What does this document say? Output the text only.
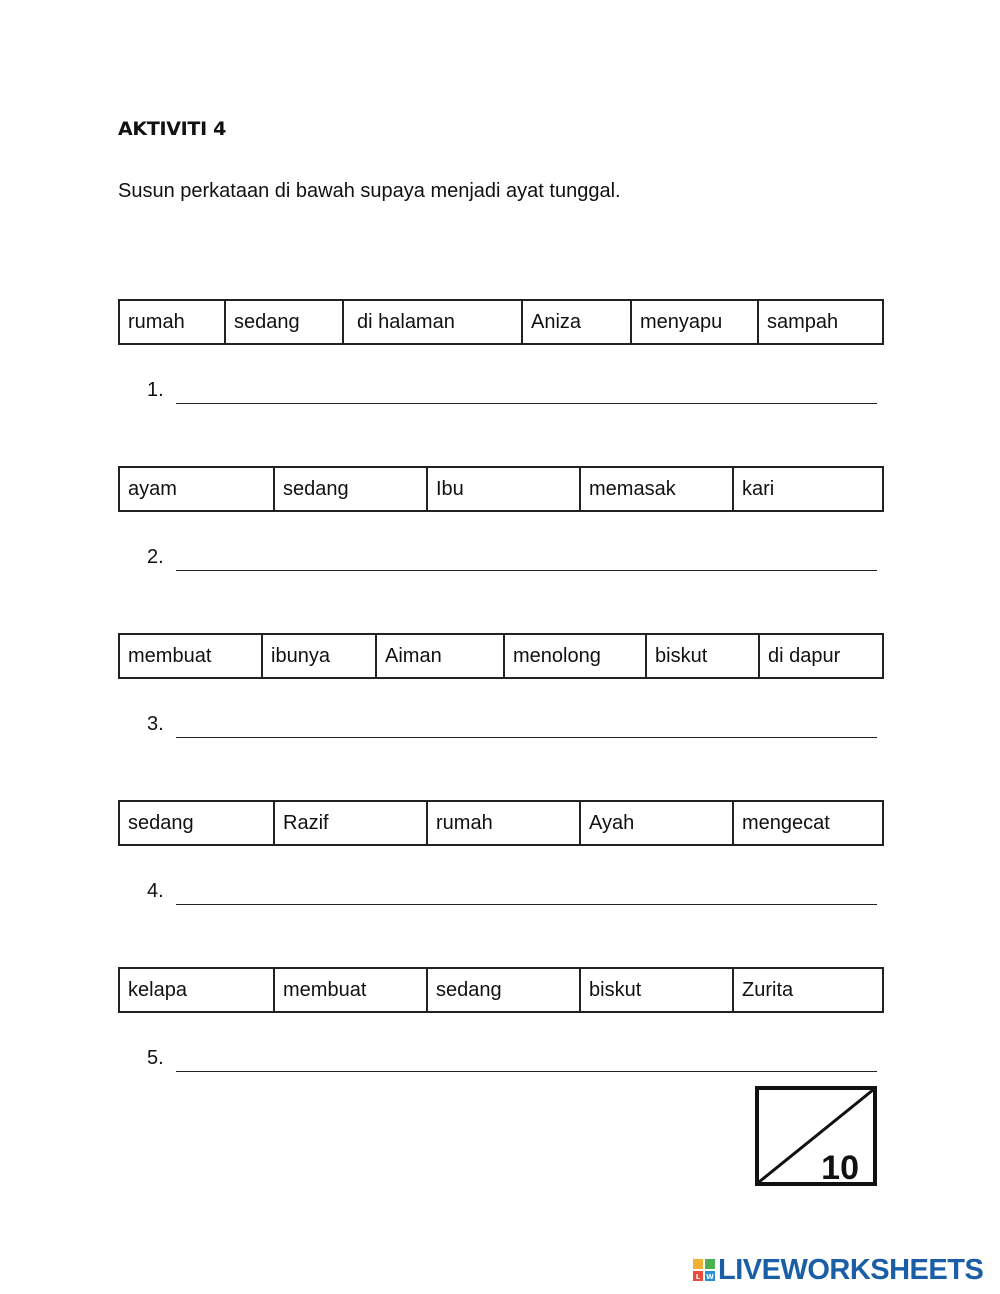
AKTIVITI 4
Susun perkataan di bawah supaya menjadi ayat tunggal.
rumah	sedang	di halaman	Aniza	menyapu	sampah
1.
ayam	sedang	Ibu	memasak	kari
2.
membuat	ibunya	Aiman	menolong	biskut	di dapur
3.
sedang	Razif	rumah	Ayah	mengecat
4.
kelapa	membuat	sedang	biskut	Zurita
5.
10
L W LIVEWORKSHEETS
